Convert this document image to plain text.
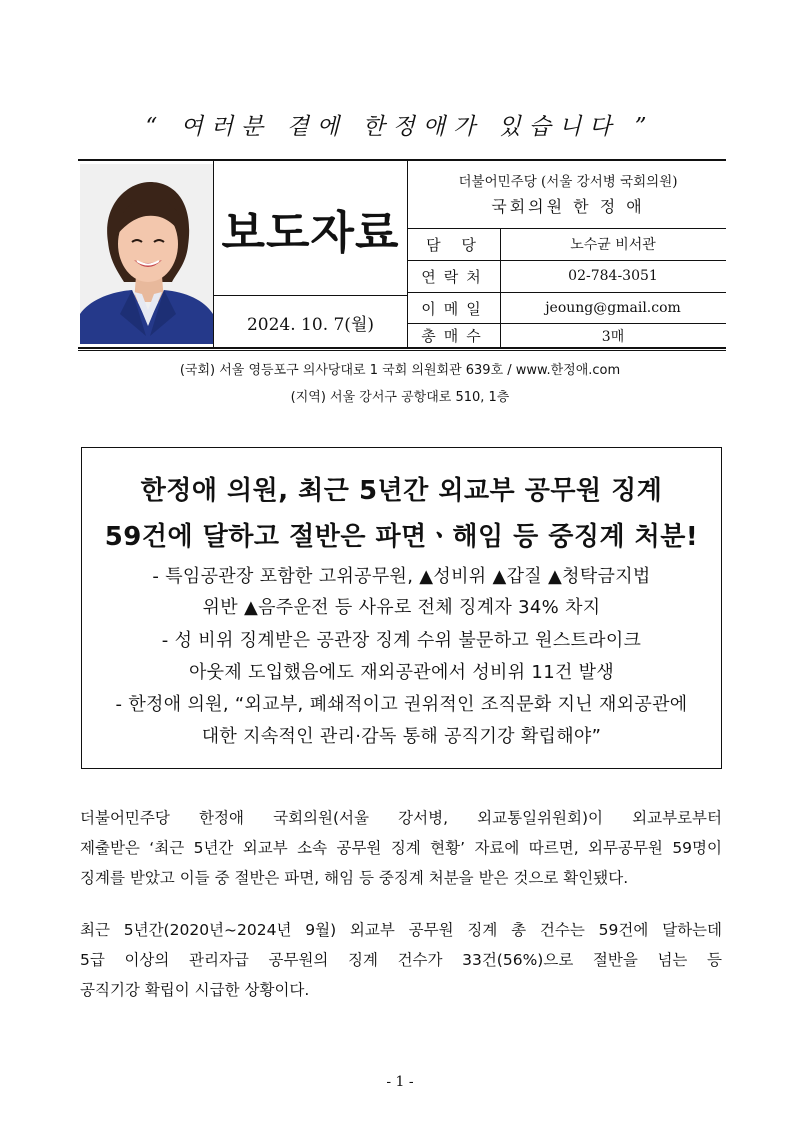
“ 여러분 곁에 한정애가 있습니다 ”
보도자료
2024. 10. 7(월)
더불어민주당 (서울 강서병 국회의원)
국회의원 한 정 애
담 당	노수균 비서관
연락처	02-784-3051
이메일	jeoung@gmail.com
총매수	3매
(국회) 서울 영등포구 의사당대로 1 국회 의원회관 639호 / www.한정애.com
(지역) 서울 강서구 공항대로 510, 1층
한정애 의원, 최근 5년간 외교부 공무원 징계
59건에 달하고 절반은 파면ㆍ해임 등 중징계 처분!
- 특임공관장 포함한 고위공무원, ▲성비위 ▲갑질 ▲청탁금지법
위반 ▲음주운전 등 사유로 전체 징계자 34% 차지
- 성 비위 징계받은 공관장 징계 수위 불문하고 원스트라이크
아웃제 도입했음에도 재외공관에서 성비위 11건 발생
- 한정애 의원, “외교부, 폐쇄적이고 권위적인 조직문화 지닌 재외공관에
대한 지속적인 관리·감독 통해 공직기강 확립해야”
더불어민주당 한정애 국회의원(서울 강서병, 외교통일위원회)이 외교부로부터
제출받은 ‘최근 5년간 외교부 소속 공무원 징계 현황’ 자료에 따르면, 외무공무원 59명이
징계를 받았고 이들 중 절반은 파면, 해임 등 중징계 처분을 받은 것으로 확인됐다.
최근 5년간(2020년~2024년 9월) 외교부 공무원 징계 총 건수는 59건에 달하는데
5급 이상의 관리자급 공무원의 징계 건수가 33건(56%)으로 절반을 넘는 등
공직기강 확립이 시급한 상황이다.
- 1 -
